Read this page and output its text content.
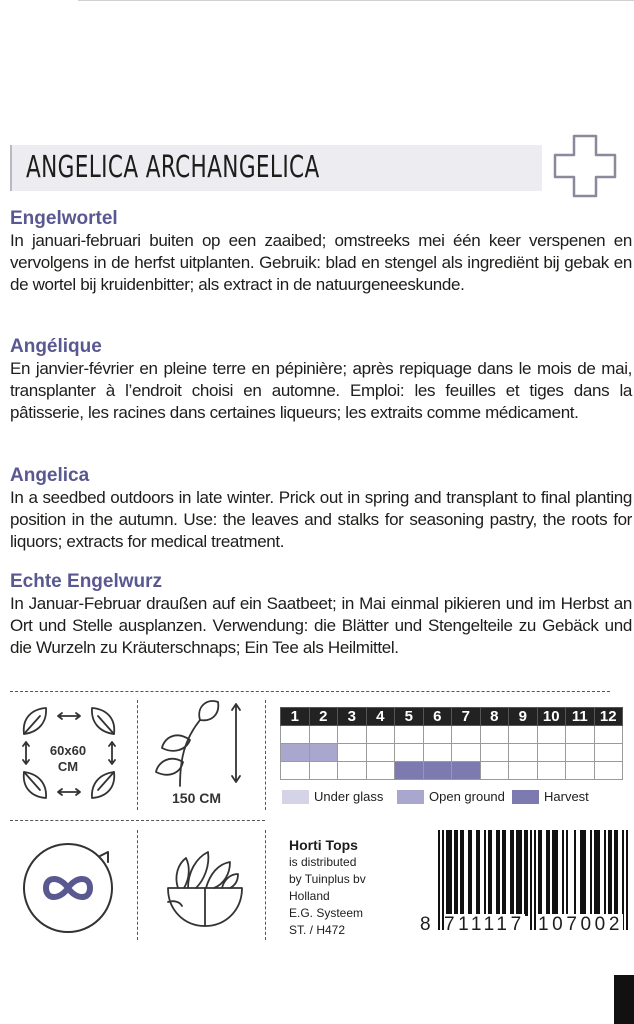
ANGELICA ARCHANGELICA
Engelwortel

In januari-februari buiten op een zaaibed; omstreeks mei één keer verspenen en vervolgens in de herfst uitplanten. Gebruik: blad en stengel als ingrediënt bij gebak en de wortel bij kruidenbitter; als extract in de natuurgeneeskunde.

Angélique

En janvier-février en pleine terre en pépinière; après repiquage dans le mois de mai, transplanter à l’endroit choisi en automne. Emploi: les feuilles et tiges dans la pâtisserie, les racines dans certaines liqueurs; les extraits comme médicament.

Angelica

In a seedbed outdoors in late winter. Prick out in spring and transplant to final planting position in the autumn. Use: the leaves and stalks for seasoning pastry, the roots for liquors; extracts for medical treatment.

Echte Engelwurz

In Januar-Februar draußen auf ein Saatbeet; in Mai einmal pikieren und im Herbst an Ort und Stelle ausplanzen. Verwendung: die Blätter und Stengelteile zu Gebäck und die Wurzeln zu Kräuterschnaps; Ein Tee als Heilmittel.

60x60
CM
150 CM
1	2	3	4	5	6	7	8	9	10	11	12

Under glass	Open ground	Harvest
Horti Tops
is distributed
by Tuinplus bv
Holland
E.G. Systeem
ST. / H472	8 711117 107002
